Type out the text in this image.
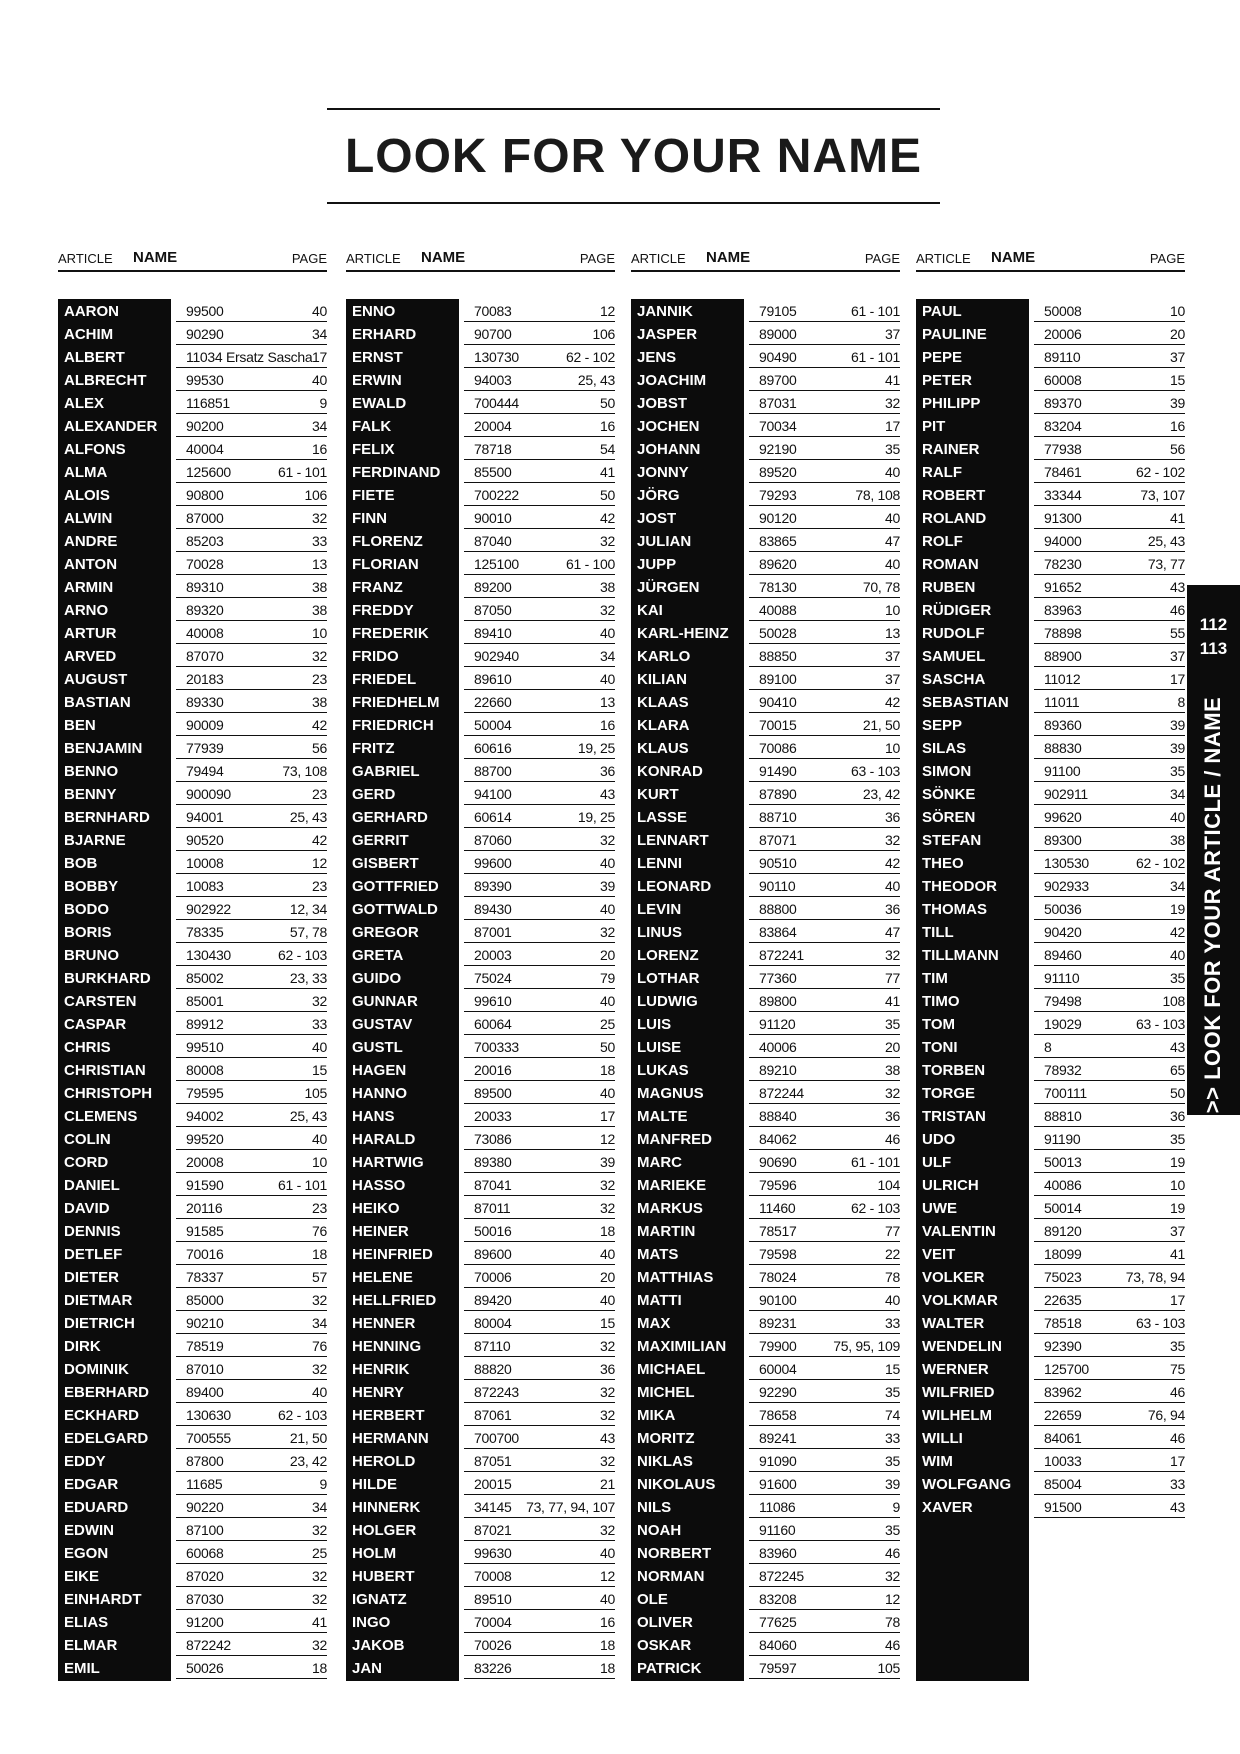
LOOK FOR YOUR NAME
ARTICLE NAME	PAGE
AARON	99500	40
ACHIM	90290	34
ALBERT	11034 Ersatz Sascha 17
ALBRECHT	99530	40
ALEX	116851	9
ALEXANDER 90200	34
ALFONS	40004	16
ALMA	125600	61 - 101
ALOIS	90800	106
ALWIN	87000	32
ANDRE	85203	33
ANTON	70028	13
ARMIN	89310	38
ARNO	89320	38
ARTUR	40008	10
ARVED	87070	32
AUGUST	20183	23
BASTIAN	89330	38
BEN	90009	42
BENJAMIN	77939	56
BENNO	79494	73, 108
BENNY	900090	23
BERNHARD	94001	25, 43
BJARNE	90520	42
BOB	10008	12
BOBBY	10083	23
BODO	902922	12, 34
BORIS	78335	57, 78
BRUNO	130430	62 - 103
BURKHARD	85002	23, 33
CARSTEN	85001	32
CASPAR	89912	33
CHRIS	99510	40
CHRISTIAN	80008	15
CHRISTOPH 79595	105
CLEMENS	94002	25, 43
COLIN	99520	40
CORD	20008	10
DANIEL	91590	61 - 101
DAVID	20116	23
DENNIS	91585	76
DETLEF	70016	18
DIETER	78337	57
DIETMAR	85000	32
DIETRICH	90210	34
DIRK	78519	76
DOMINIK	87010	32
EBERHARD	89400	40
ECKHARD	130630	62 - 103
EDELGARD	700555	21, 50
EDDY	87800	23, 42
EDGAR	11685	9
EDUARD	90220	34
EDWIN	87100	32
EGON	60068	25
EIKE	87020	32
EINHARDT	87030	32
ELIAS	91200	41
ELMAR	872242	32
EMIL	50026	18
ARTICLE NAME	PAGE
ENNO	70083	12
ERHARD	90700	106
ERNST	130730	62 - 102
ERWIN	94003	25, 43
EWALD	700444	50
FALK	20004	16
FELIX	78718	54
FERDINAND 85500	41
FIETE	700222	50
FINN	90010	42
FLORENZ	87040	32
FLORIAN	125100	61 - 100
FRANZ	89200	38
FREDDY	87050	32
FREDERIK	89410	40
FRIDO	902940	34
FRIEDEL	89610	40
FRIEDHELM 22660	13
FRIEDRICH	50004	16
FRITZ	60616	19, 25
GABRIEL	88700	36
GERD	94100	43
GERHARD	60614	19, 25
GERRIT	87060	32
GISBERT	99600	40
GOTTFRIED	89390	39
GOTTWALD	89430	40
GREGOR	87001	32
GRETA	20003	20
GUIDO	75024	79
GUNNAR	99610	40
GUSTAV	60064	25
GUSTL	700333	50
HAGEN	20016	18
HANNO	89500	40
HANS	20033	17
HARALD	73086	12
HARTWIG	89380	39
HASSO	87041	32
HEIKO	87011	32
HEINER	50016	18
HEINFRIED	89600	40
HELENE	70006	20
HELLFRIED	89420	40
HENNER	80004	15
HENNING	87110	32
HENRIK	88820	36
HENRY	872243	32
HERBERT	87061	32
HERMANN	700700	43
HEROLD	87051	32
HILDE	20015	21
HINNERK	34145 73, 77, 94, 107
HOLGER	87021	32
HOLM	99630	40
HUBERT	70008	12
IGNATZ	89510	40
INGO	70004	16
JAKOB	70026	18
JAN	83226	18
ARTICLE NAME	PAGE
JANNIK	79105	61 - 101
JASPER	89000	37
JENS	90490	61 - 101
JOACHIM	89700	41
JOBST	87031	32
JOCHEN	70034	17
JOHANN	92190	35
JONNY	89520	40
JÖRG	79293	78, 108
JOST	90120	40
JULIAN	83865	47
JUPP	89620	40
JÜRGEN	78130	70, 78
KAI	40088	10
KARL-HEINZ 50028	13
KARLO	88850	37
KILIAN	89100	37
KLAAS	90410	42
KLARA	70015	21, 50
KLAUS	70086	10
KONRAD	91490	63 - 103
KURT	87890	23, 42
LASSE	88710	36
LENNART	87071	32
LENNI	90510	42
LEONARD	90110	40
LEVIN	88800	36
LINUS	83864	47
LORENZ	872241	32
LOTHAR	77360	77
LUDWIG	89800	41
LUIS	91120	35
LUISE	40006	20
LUKAS	89210	38
MAGNUS	872244	32
MALTE	88840	36
MANFRED	84062	46
MARC	90690	61 - 101
MARIEKE	79596	104
MARKUS	11460	62 - 103
MARTIN	78517	77
MATS	79598	22
MATTHIAS	78024	78
MATTI	90100	40
MAX	89231	33
MAXIMILIAN 79900	75, 95, 109
MICHAEL	60004	15
MICHEL	92290	35
MIKA	78658	74
MORITZ	89241	33
NIKLAS	91090	35
NIKOLAUS	91600	39
NILS	11086	9
NOAH	91160	35
NORBERT	83960	46
NORMAN	872245	32
OLE	83208	12
OLIVER	77625	78
OSKAR	84060	46
PATRICK	79597	105
ARTICLE NAME	PAGE
PAUL	50008	10
PAULINE	20006	20
PEPE	89110	37
PETER	60008	15
PHILIPP	89370	39
PIT	83204	16
RAINER	77938	56
RALF	78461	62 - 102
ROBERT	33344	73, 107
ROLAND	91300	41
ROLF	94000	25, 43
ROMAN	78230	73, 77
RUBEN	91652	43
RÜDIGER	83963	46
RUDOLF	78898	55
SAMUEL	88900	37
SASCHA	11012	17
SEBASTIAN	11011	8
SEPP	89360	39
SILAS	88830	39
SIMON	91100	35
SÖNKE	902911	34
SÖREN	99620	40
STEFAN	89300	38
THEO	130530	62 - 102
THEODOR	902933	34
THOMAS	50036	19
TILL	90420	42
TILLMANN	89460	40
TIM	91110	35
TIMO	79498	108
TOM	19029	63 - 103
TONI	8	43
TORBEN	78932	65
TORGE	700111	50
TRISTAN	88810	36
UDO	91190	35
ULF	50013	19
ULRICH	40086	10
UWE	50014	19
VALENTIN	89120	37
VEIT	18099	41
VOLKER	75023	73, 78, 94
VOLKMAR	22635	17
WALTER	78518	63 - 103
WENDELIN	92390	35
WERNER	125700	75
WILFRIED	83962	46
WILHELM	22659	76, 94
WILLI	84061	46
WIM	10033	17
WOLFGANG 85004	33
XAVER	91500	43
112
113
>> LOOK FOR YOUR ARTICLE / NAME
